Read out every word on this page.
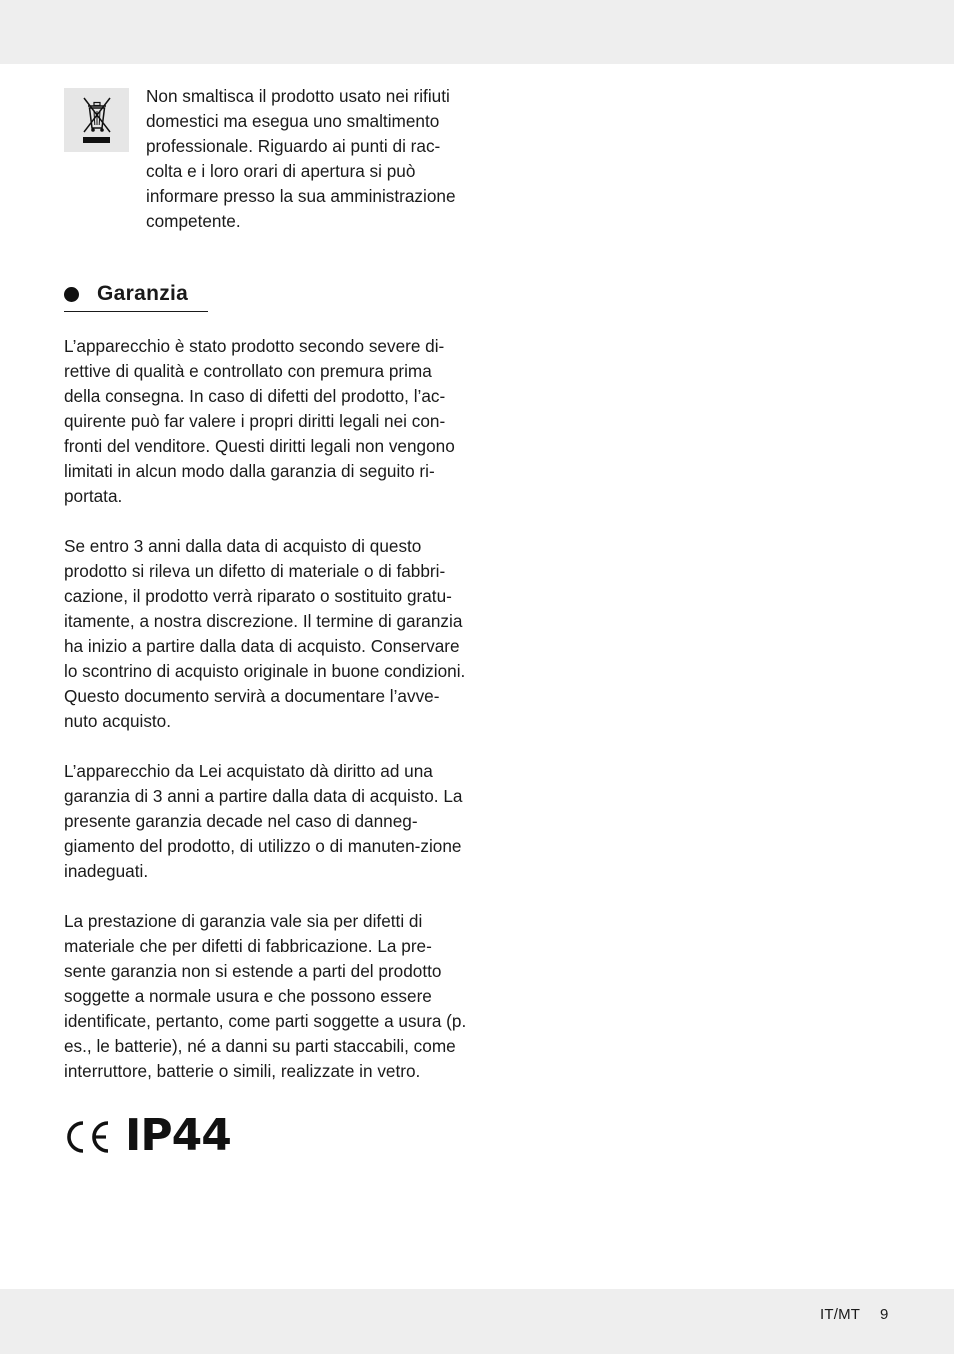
Non smaltisca il prodotto usato nei rifiuti domestici ma esegua uno smaltimento professionale. Riguardo ai punti di rac-colta e i loro orari di apertura si può informare presso la sua amministrazione competente.

Garanzia

L’apparecchio è stato prodotto secondo severe di-rettive di qualità e controllato con premura prima della consegna. In caso di difetti del prodotto, l’ac-quirente può far valere i propri diritti legali nei con-fronti del venditore. Questi diritti legali non vengono limitati in alcun modo dalla garanzia di seguito ri-portata.

Se entro 3 anni dalla data di acquisto di questo prodotto si rileva un difetto di materiale o di fabbri-cazione, il prodotto verrà riparato o sostituito gratu-itamente, a nostra discrezione. Il termine di garanzia ha inizio a partire dalla data di acquisto. Conservare lo scontrino di acquisto originale in buone condizioni. Questo documento servirà a documentare l’avve-nuto acquisto.

L’apparecchio da Lei acquistato dà diritto ad una garanzia di 3 anni a partire dalla data di acquisto. La presente garanzia decade nel caso di danneg-giamento del prodotto, di utilizzo o di manuten-zione inadeguati.

La prestazione di garanzia vale sia per difetti di materiale che per difetti di fabbricazione. La pre-sente garanzia non si estende a parti del prodotto soggette a normale usura e che possono essere identificate, pertanto, come parti soggette a usura (p. es., le batterie), né a danni su parti staccabili, come interruttore, batterie o simili, realizzate in vetro.

IP44
IT/MT 9
